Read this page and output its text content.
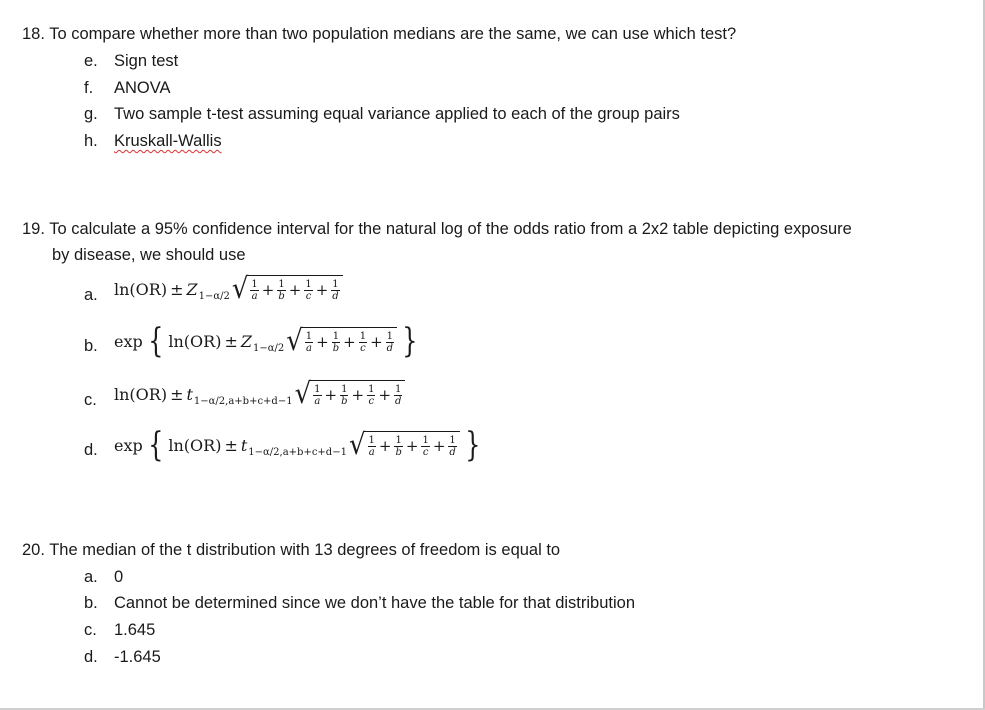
18. To compare whether more than two population medians are the same, we can use which test?
e. Sign test
f. ANOVA
g. Two sample t-test assuming equal variance applied to each of the group pairs
h. Kruskall-Wallis
19. To calculate a 95% confidence interval for the natural log of the odds ratio from a 2x2 table depicting exposure
by disease, we should use
a. ln(OR) ± Z 1−α/2 √ $\frac{1}{a} + \frac{1}{b} + \frac{1}{c} + \frac{1}{d}$
b. exp { ln(OR) ± Z 1−α/2 √ $\frac{1}{a} + \frac{1}{b} + \frac{1}{c} + \frac{1}{d}$ }
c. ln(OR) ± t 1−α/2,a+b+c+d−1 √ $\frac{1}{a} + \frac{1}{b} + \frac{1}{c} + \frac{1}{d}$
d. exp { ln(OR) ± t 1−α/2,a+b+c+d−1 √ $\frac{1}{a} + \frac{1}{b} + \frac{1}{c} + \frac{1}{d}$ }
20. The median of the t distribution with 13 degrees of freedom is equal to
a. 0
b. Cannot be determined since we don’t have the table for that distribution
c. 1.645
d. -1.645
